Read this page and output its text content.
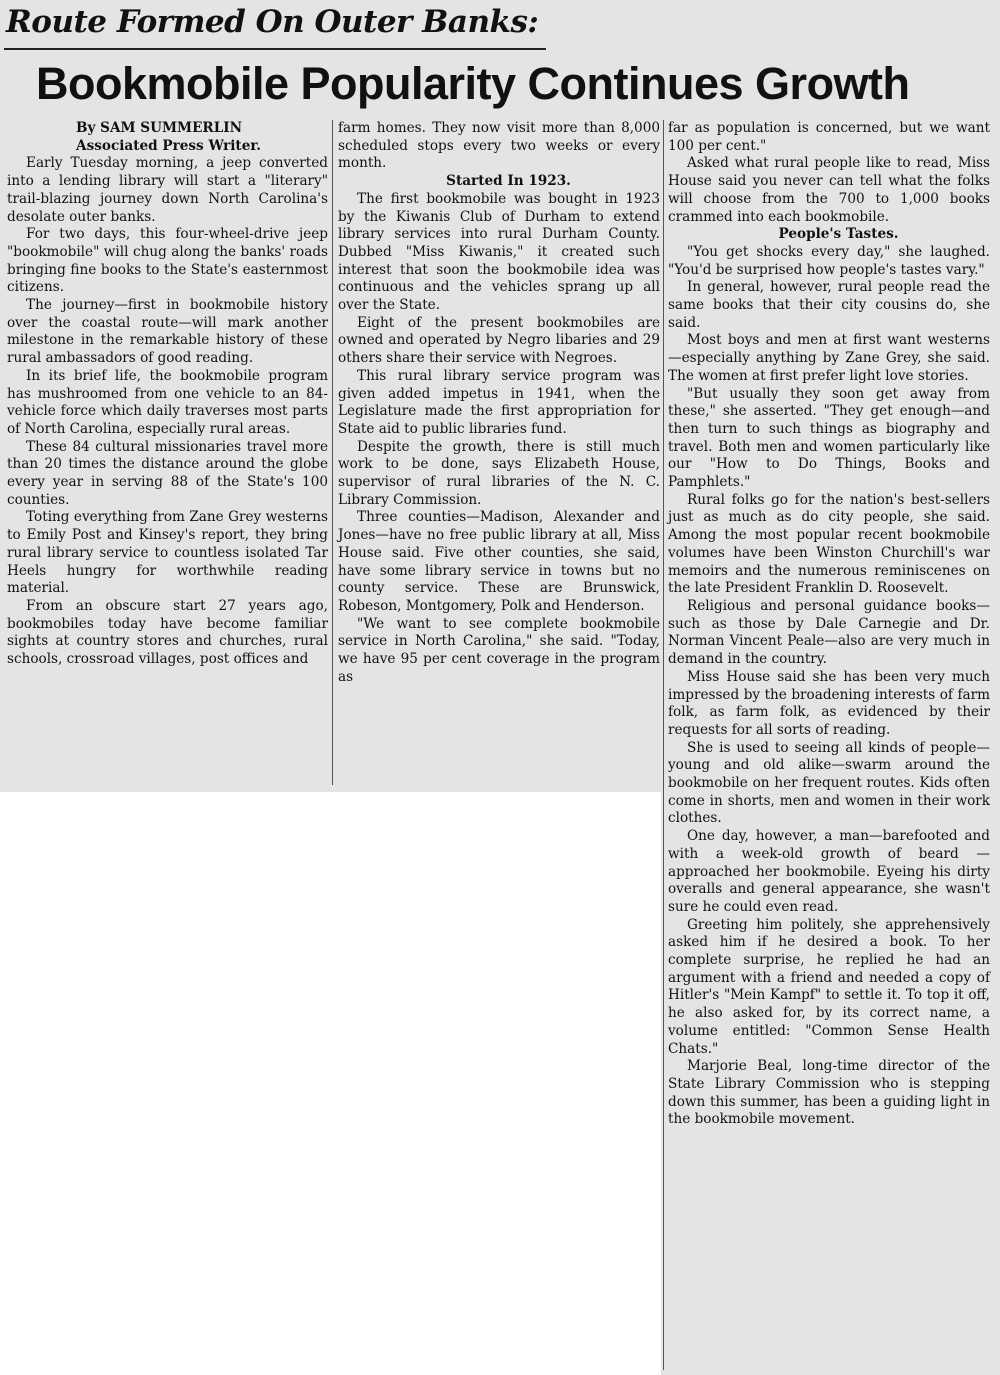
Route Formed On Outer Banks:
Bookmobile Popularity Continues Growth

By SAM SUMMERLIN

Associated Press Writer.

Early Tuesday morning, a jeep converted into a lending library will start a "literary" trail-blazing journey down North Carolina's desolate outer banks.

For two days, this four-wheel-drive jeep "bookmobile" will chug along the banks' roads bringing fine books to the State's easternmost citizens.

The journey—first in bookmobile history over the coastal route—will mark another milestone in the remarkable history of these rural ambassadors of good reading.

In its brief life, the bookmobile program has mushroomed from one vehicle to an 84-vehicle force which daily traverses most parts of North Carolina, especially rural areas.

These 84 cultural missionaries travel more than 20 times the distance around the globe every year in serving 88 of the State's 100 counties.

Toting everything from Zane Grey westerns to Emily Post and Kinsey's report, they bring rural library service to countless isolated Tar Heels hungry for worthwhile reading material.

From an obscure start 27 years ago, bookmobiles today have become familiar sights at country stores and churches, rural schools, crossroad villages, post offices and

farm homes. They now visit more than 8,000 scheduled stops every two weeks or every month.

Started In 1923.

The first bookmobile was bought in 1923 by the Kiwanis Club of Durham to extend library services into rural Durham County. Dubbed "Miss Kiwanis," it created such interest that soon the bookmobile idea was continuous and the vehicles sprang up all over the State.

Eight of the present bookmobiles are owned and operated by Negro libaries and 29 others share their service with Negroes.

This rural library service program was given added impetus in 1941, when the Legislature made the first appropriation for State aid to public libraries fund.

Despite the growth, there is still much work to be done, says Elizabeth House, supervisor of rural libraries of the N. C. Library Commission.

Three counties—Madison, Alexander and Jones—have no free public library at all, Miss House said. Five other counties, she said, have some library service in towns but no county service. These are Brunswick, Robeson, Montgomery, Polk and Henderson.

"We want to see complete bookmobile service in North Carolina," she said. "Today, we have 95 per cent coverage in the program as

far as population is concerned, but we want 100 per cent."

Asked what rural people like to read, Miss House said you never can tell what the folks will choose from the 700 to 1,000 books crammed into each bookmobile.

People's Tastes.

"You get shocks every day," she laughed. "You'd be surprised how people's tastes vary."

In general, however, rural people read the same books that their city cousins do, she said.

Most boys and men at first want westerns—especially anything by Zane Grey, she said. The women at first prefer light love stories.

"But usually they soon get away from these," she asserted. "They get enough—and then turn to such things as biography and travel. Both men and women particularly like our "How to Do Things, Books and Pamphlets."

Rural folks go for the nation's best-sellers just as much as do city people, she said. Among the most popular recent bookmobile volumes have been Winston Churchill's war memoirs and the numerous reminiscenes on the late President Franklin D. Roosevelt.

Religious and personal guidance books—such as those by Dale Carnegie and Dr. Norman Vincent Peale—also are very much in demand in the country.

Miss House said she has been very much impressed by the broadening interests of farm folk, as farm folk, as evidenced by their requests for all sorts of reading.

She is used to seeing all kinds of people—young and old alike—swarm around the bookmobile on her frequent routes. Kids often come in shorts, men and women in their work clothes.

One day, however, a man—barefooted and with a week-old growth of beard — approached her bookmobile. Eyeing his dirty overalls and general appearance, she wasn't sure he could even read.

Greeting him politely, she apprehensively asked him if he desired a book. To her complete surprise, he replied he had an argument with a friend and needed a copy of Hitler's "Mein Kampf" to settle it. To top it off, he also asked for, by its correct name, a volume entitled: "Common Sense Health Chats."

Marjorie Beal, long-time director of the State Library Commission who is stepping down this summer, has been a guiding light in the bookmobile movement.
